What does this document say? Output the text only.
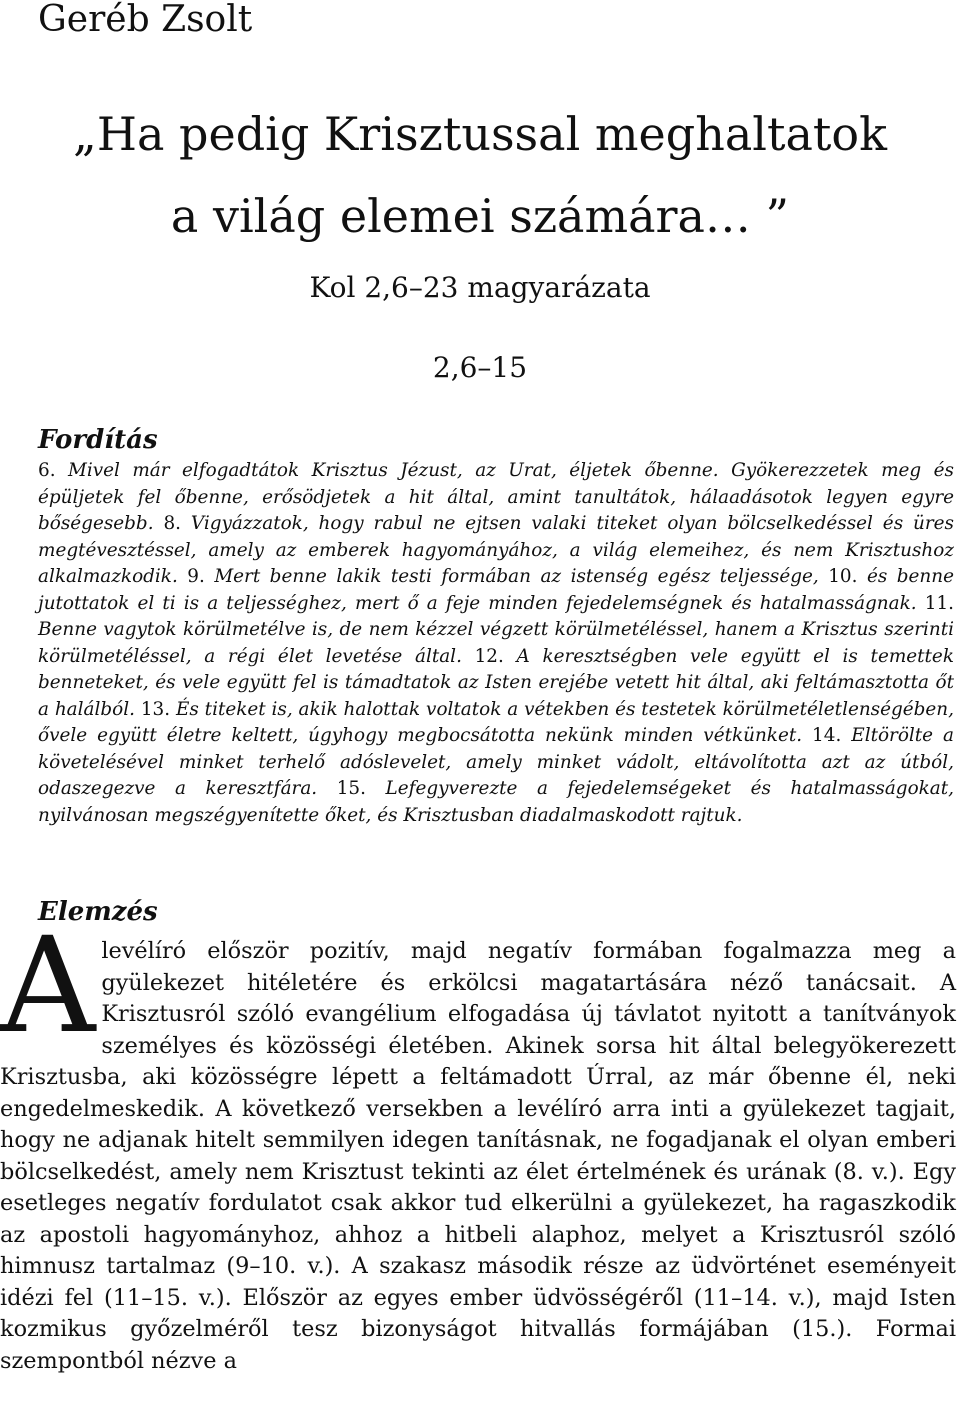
Geréb Zsolt
„Ha pedig Krisztussal meghaltatok
a világ elemei számára… ”
Kol 2,6–23 magyarázata
2,6–15
Fordítás

6. Mivel már elfogadtátok Krisztus Jézust, az Urat, éljetek őbenne. Gyökerezzetek meg és épüljetek fel őbenne, erősödjetek a hit által, amint tanultátok, hálaadásotok legyen egyre bőségesebb. 8. Vigyázzatok, hogy rabul ne ejtsen valaki titeket olyan bölcselkedéssel és üres megtévesztéssel, amely az emberek hagyományához, a világ elemeihez, és nem Krisztushoz alkalmazkodik. 9. Mert benne lakik testi formában az istenség egész teljessége, 10. és benne jutottatok el ti is a teljességhez, mert ő a feje minden fejedelemségnek és hatalmasságnak. 11. Benne vagytok körülmetélve is, de nem kézzel végzett körülmetéléssel, hanem a Krisztus szerinti körülmetéléssel, a régi élet levetése által. 12. A keresztségben vele együtt el is temettek benneteket, és vele együtt fel is támadtatok az Isten erejébe vetett hit által, aki feltámasztotta őt a halálból. 13. És titeket is, akik halottak voltatok a vétekben és testetek körülmetéletlenségében, ővele együtt életre keltett, úgyhogy megbocsátotta nekünk minden vétkünket. 14. Eltörölte a követelésével minket terhelő adóslevelet, amely minket vádolt, eltávolította azt az útból, odaszegezve a keresztfára. 15. Lefegyverezte a fejedelemségeket és hatalmasságokat, nyilvánosan megszégyenítette őket, és Krisztusban diadalmaskodott rajtuk.

Elemzés

Alevélíró először pozitív, majd negatív formában fogalmazza meg a gyülekezet hitéletére és erkölcsi magatartására néző tanácsait. A Krisztusról szóló evangélium elfogadása új távlatot nyitott a tanítványok személyes és közösségi életében. Akinek sorsa hit által belegyökerezett Krisztusba, aki közösségre lépett a feltámadott Úrral, az már őbenne él, neki engedelmeskedik. A következő versekben a levélíró arra inti a gyülekezet tagjait, hogy ne adjanak hitelt semmilyen idegen tanításnak, ne fogadjanak el olyan emberi bölcselkedést, amely nem Krisztust tekinti az élet értelmének és urának (8. v.). Egy esetleges negatív fordulatot csak akkor tud elkerülni a gyülekezet, ha ragaszkodik az apostoli hagyományhoz, ahhoz a hitbeli alaphoz, melyet a Krisztusról szóló himnusz tartalmaz (9–10. v.). A szakasz második része az üdvörténet eseményeit idézi fel (11–15. v.). Először az egyes ember üdvösségéről (11–14. v.), majd Isten kozmikus győzelméről tesz bizonyságot hitvallás formájában (15.). Formai szempontból nézve a
